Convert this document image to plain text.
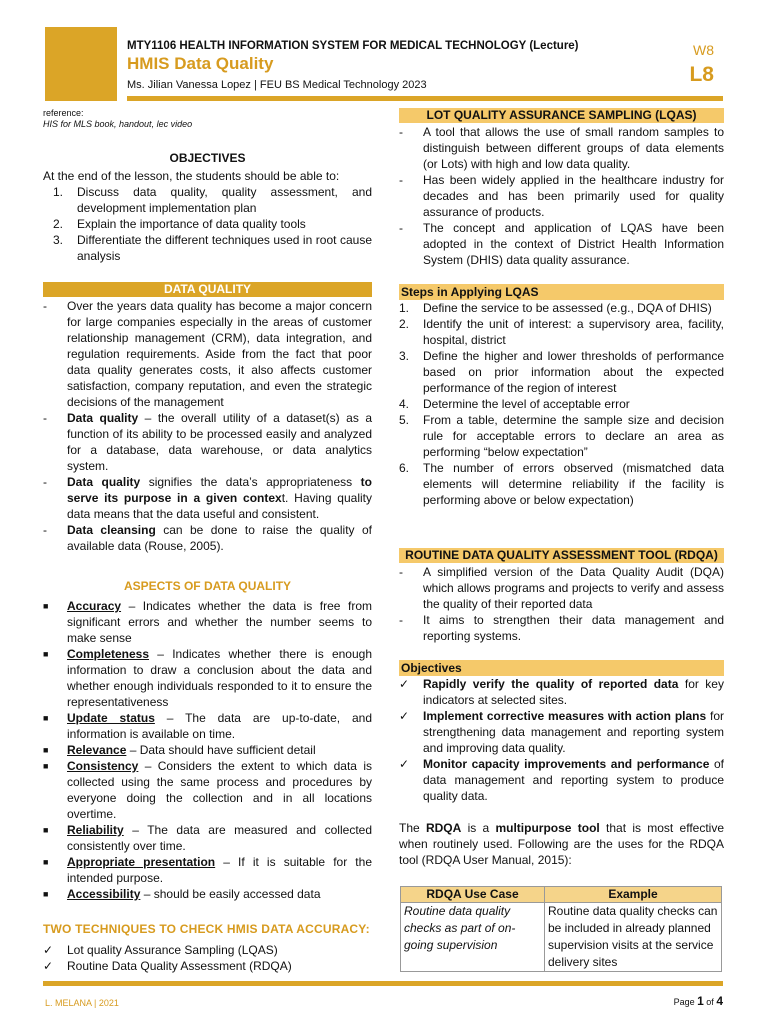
MTY1106 HEALTH INFORMATION SYSTEM FOR MEDICAL TECHNOLOGY (Lecture)
HMIS Data Quality
Ms. Jilian Vanessa Lopez | FEU BS Medical Technology 2023
W8
L8
reference:
HIS for MLS book, handout, lec video
OBJECTIVES
At the end of the lesson, the students should be able to:
1.	Discuss data quality, quality assessment, and development implementation plan
2.	Explain the importance of data quality tools
3.	Differentiate the different techniques used in root cause analysis
DATA QUALITY
-	Over the years data quality has become a major concern for large companies especially in the areas of customer relationship management (CRM), data integration, and regulation requirements. Aside from the fact that poor data quality generates costs, it also affects customer satisfaction, company reputation, and even the strategic decisions of the management
-	Data quality – the overall utility of a dataset(s) as a function of its ability to be processed easily and analyzed for a database, data warehouse, or data analytics system.
-	Data quality signifies the data’s appropriateness to serve its purpose in a given context. Having quality data means that the data useful and consistent.
-	Data cleansing can be done to raise the quality of available data (Rouse, 2005).
ASPECTS OF DATA QUALITY
■	Accuracy – Indicates whether the data is free from significant errors and whether the number seems to make sense
■	Completeness – Indicates whether there is enough information to draw a conclusion about the data and whether enough individuals responded to it to ensure the representativeness
■	Update status – The data are up-to-date, and information is available on time.
■	Relevance – Data should have sufficient detail
■	Consistency – Considers the extent to which data is collected using the same process and procedures by everyone doing the collection and in all locations overtime.
■	Reliability – The data are measured and collected consistently over time.
■	Appropriate presentation – If it is suitable for the intended purpose.
■	Accessibility – should be easily accessed data
TWO TECHNIQUES TO CHECK HMIS DATA ACCURACY:
✓	Lot quality Assurance Sampling (LQAS)
✓	Routine Data Quality Assessment (RDQA)
LOT QUALITY ASSURANCE SAMPLING (LQAS)
-	A tool that allows the use of small random samples to distinguish between different groups of data elements (or Lots) with high and low data quality.
-	Has been widely applied in the healthcare industry for decades and has been primarily used for quality assurance of products.
-	The concept and application of LQAS have been adopted in the context of District Health Information System (DHIS) data quality assurance.
Steps in Applying LQAS
1.	Define the service to be assessed (e.g., DQA of DHIS)
2.	Identify the unit of interest: a supervisory area, facility, hospital, district
3.	Define the higher and lower thresholds of performance based on prior information about the expected performance of the region of interest
4.	Determine the level of acceptable error
5.	From a table, determine the sample size and decision rule for acceptable errors to declare an area as performing “below expectation”
6.	The number of errors observed (mismatched data elements will determine reliability if the facility is performing above or below expectation)
ROUTINE DATA QUALITY ASSESSMENT TOOL (RDQA)
-	A simplified version of the Data Quality Audit (DQA) which allows programs and projects to verify and assess the quality of their reported data
-	It aims to strengthen their data management and reporting systems.
Objectives
✓	Rapidly verify the quality of reported data for key indicators at selected sites.
✓	Implement corrective measures with action plans for strengthening data management and reporting system and improving data quality.
✓	Monitor capacity improvements and performance of data management and reporting system to produce quality data.
The RDQA is a multipurpose tool that is most effective when routinely used. Following are the uses for the RDQA tool (RDQA User Manual, 2015):
RDQA Use Case	Example
Routine data quality checks as part of on-going supervision	Routine data quality checks can be included in already planned supervision visits at the service delivery sites
L. MELANA | 2021	Page 1 of 4
